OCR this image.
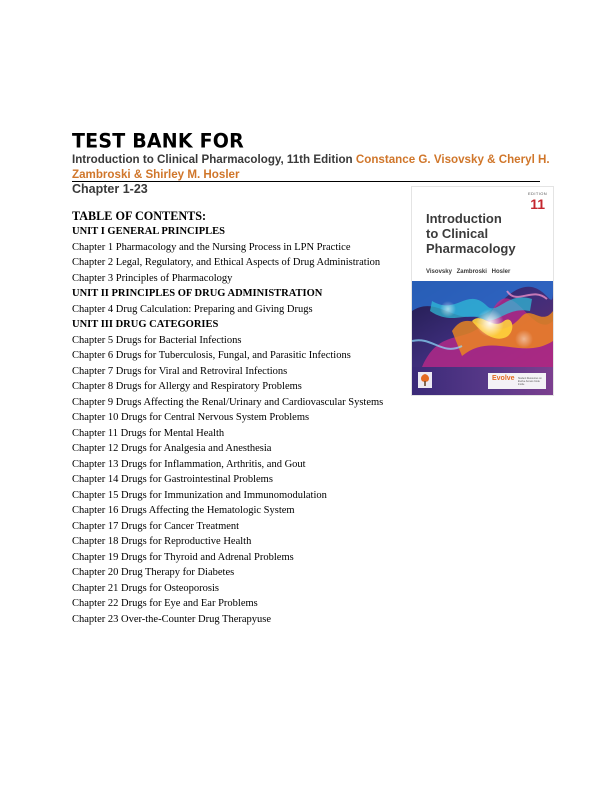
TEST BANK FOR

Introduction to Clinical Pharmacology, 11th Edition Constance G. Visovsky & Cheryl H. Zambroski & Shirley M. Hosler

Chapter 1-23

TABLE OF CONTENTS:
UNIT I GENERAL PRINCIPLES
Chapter 1 Pharmacology and the Nursing Process in LPN Practice
Chapter 2 Legal, Regulatory, and Ethical Aspects of Drug Administration
Chapter 3 Principles of Pharmacology
UNIT II PRINCIPLES OF DRUG ADMINISTRATION
Chapter 4 Drug Calculation: Preparing and Giving Drugs
UNIT III DRUG CATEGORIES
Chapter 5 Drugs for Bacterial Infections
Chapter 6 Drugs for Tuberculosis, Fungal, and Parasitic Infections
Chapter 7 Drugs for Viral and Retroviral Infections
Chapter 8 Drugs for Allergy and Respiratory Problems
Chapter 9 Drugs Affecting the Renal/Urinary and Cardiovascular Systems
Chapter 10 Drugs for Central Nervous System Problems
Chapter 11 Drugs for Mental Health
Chapter 12 Drugs for Analgesia and Anesthesia
Chapter 13 Drugs for Inflammation, Arthritis, and Gout
Chapter 14 Drugs for Gastrointestinal Problems
Chapter 15 Drugs for Immunization and Immunomodulation
Chapter 16 Drugs Affecting the Hematologic System
Chapter 17 Drugs for Cancer Treatment
Chapter 18 Drugs for Reproductive Health
Chapter 19 Drugs for Thyroid and Adrenal Problems
Chapter 20 Drug Therapy for Diabetes
Chapter 21 Drugs for Osteoporosis
Chapter 22 Drugs for Eye and Ear Problems
Chapter 23 Over-the-Counter Drug Therapyuse
EDITION
11
Introduction
to Clinical
Pharmacology
Visovsky Zambroski Hosler
Evolve Student Resources on Evolve Access Code Inside
